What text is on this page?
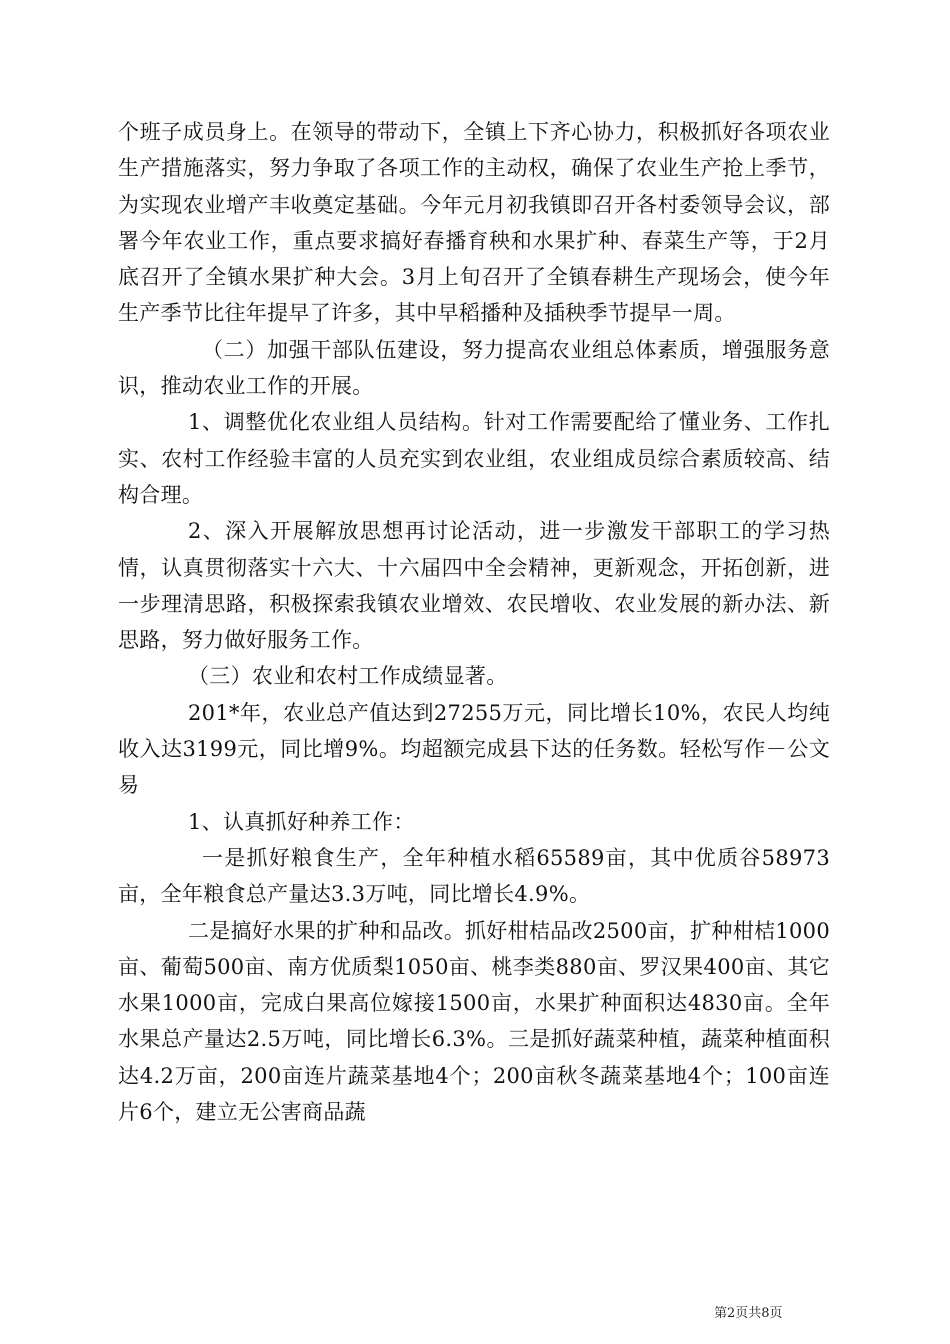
个班子成员身上。在领导的带动下，全镇上下齐心协力，积极抓好各项农业生产措施落实，努力争取了各项工作的主动权，确保了农业生产抢上季节，为实现农业增产丰收奠定基础。今年元月初我镇即召开各村委领导会议，部署今年农业工作，重点要求搞好春播育秧和水果扩种、春菜生产等，于2月底召开了全镇水果扩种大会。3月上旬召开了全镇春耕生产现场会，使今年生产季节比往年提早了许多，其中早稻播种及插秧季节提早一周。

（二）加强干部队伍建设，努力提高农业组总体素质，增强服务意识，推动农业工作的开展。

1、调整优化农业组人员结构。针对工作需要配给了懂业务、工作扎实、农村工作经验丰富的人员充实到农业组，农业组成员综合素质较高、结构合理。

2、深入开展解放思想再讨论活动，进一步激发干部职工的学习热情，认真贯彻落实十六大、十六届四中全会精神，更新观念，开拓创新，进一步理清思路，积极探索我镇农业增效、农民增收、农业发展的新办法、新思路，努力做好服务工作。

（三）农业和农村工作成绩显著。

201*年，农业总产值达到27255万元，同比增长10%，农民人均纯收入达3199元，同比增9%。均超额完成县下达的任务数。轻松写作－公文易

1、认真抓好种养工作：

一是抓好粮食生产，全年种植水稻65589亩，其中优质谷58973亩，全年粮食总产量达3.3万吨，同比增长4.9%。

二是搞好水果的扩种和品改。抓好柑桔品改2500亩，扩种柑桔1000亩、葡萄500亩、南方优质梨1050亩、桃李类880亩、罗汉果400亩、其它水果1000亩，完成白果高位嫁接1500亩，水果扩种面积达4830亩。全年水果总产量达2.5万吨，同比增长6.3%。三是抓好蔬菜种植，蔬菜种植面积达4.2万亩，200亩连片蔬菜基地4个；200亩秋冬蔬菜基地4个；100亩连片6个，建立无公害商品蔬

第2页共8页
